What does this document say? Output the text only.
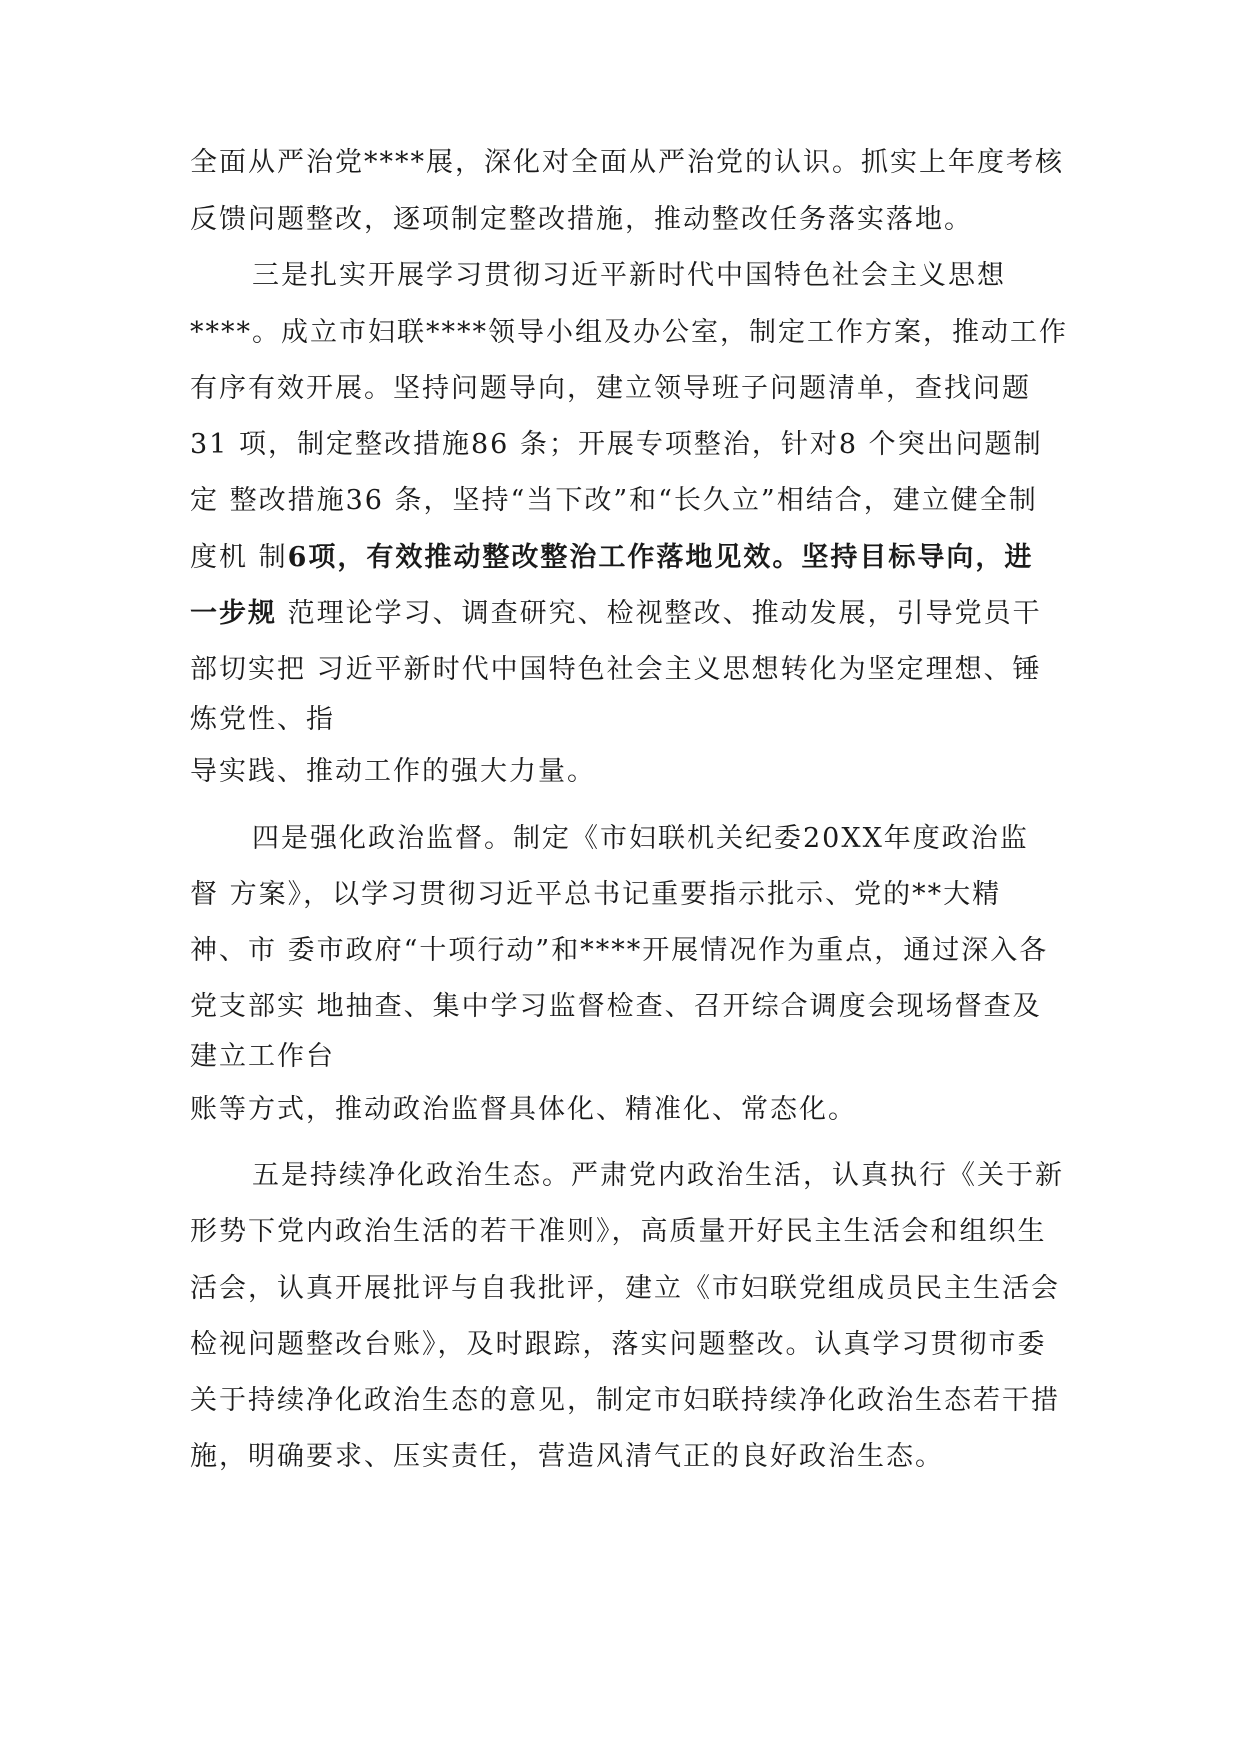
全面从严治党****展，深化对全面从严治党的认识。抓实上年度考核
反馈问题整改，逐项制定整改措施，推动整改任务落实落地。
三是扎实开展学习贯彻习近平新时代中国特色社会主义思想
****。成立市妇联****领导小组及办公室，制定工作方案，推动工作
有序有效开展。坚持问题导向，建立领导班子问题清单，查找问题
31 项，制定整改措施86 条；开展专项整治，针对8 个突出问题制
定 整改措施36 条，坚持“当下改”和“长久立”相结合，建立健全制
度机 制6项，有效推动整改整治工作落地见效。坚持目标导向，进
一步规 范理论学习、调查研究、检视整改、推动发展，引导党员干
部切实把 习近平新时代中国特色社会主义思想转化为坚定理想、锤
炼党性、指
导实践、推动工作的强大力量。
四是强化政治监督。制定《市妇联机关纪委20XX年度政治监
督 方案》，以学习贯彻习近平总书记重要指示批示、党的**大精
神、市 委市政府“十项行动”和****开展情况作为重点，通过深入各
党支部实 地抽查、集中学习监督检查、召开综合调度会现场督查及
建立工作台
账等方式，推动政治监督具体化、精准化、常态化。
五是持续净化政治生态。严肃党内政治生活，认真执行《关于新
形势下党内政治生活的若干准则》，高质量开好民主生活会和组织生
活会，认真开展批评与自我批评，建立《市妇联党组成员民主生活会
检视问题整改台账》，及时跟踪，落实问题整改。认真学习贯彻市委
关于持续净化政治生态的意见，制定市妇联持续净化政治生态若干措
施，明确要求、压实责任，营造风清气正的良好政治生态。
